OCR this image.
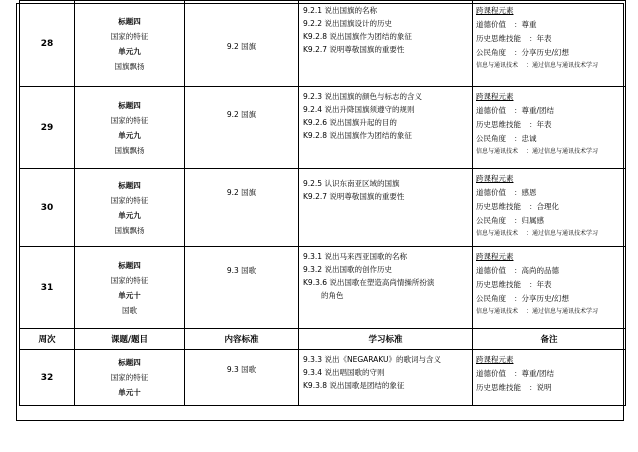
28	标题四
国家的特征
单元九
国旗飘扬	9.2 国旗	9.2.1 说出国旗的名称
9.2.2 说出国旗设计的历史
K9.2.8 说出国旗作为团结的象征
K9.2.7 说明尊敬国旗的重要性	跨课程元素
道德价值 ：尊重
历史思维技能 ：年表
公民角度 ：分享历史/幻想
信息与通讯技术 ：通过信息与通讯技术学习

29	标题四
国家的特征
单元九
国旗飘扬	9.2 国旗	9.2.3 说出国旗的颜色与标志的含义
9.2.4 说出升降国旗须遵守的规则
K9.2.6 说出国旗升起的目的
K9.2.8 说出国旗作为团结的象征	跨课程元素
道德价值 ：尊重/团结
历史思维技能 ：年表
公民角度 ：忠诚
信息与通讯技术 ：通过信息与通讯技术学习

30	标题四
国家的特征
单元九
国旗飘扬	9.2 国旗	9.2.5 认识东南亚区域的国旗
K9.2.7 说明尊敬国旗的重要性	跨课程元素
道德价值 ：感恩
历史思维技能 ：合理化
公民角度 ：归属感
信息与通讯技术 ：通过信息与通讯技术学习

31	标题四
国家的特征
单元十
国歌	9.3 国歌	9.3.1 说出马来西亚国歌的名称
9.3.2 说出国歌的创作历史
K9.3.6 说出国歌在塑造高尚情操所扮演
的角色	跨课程元素
道德价值 ：高尚的品德
历史思维技能 ：年表
公民角度 ：分享历史/幻想
信息与通讯技术 ：通过信息与通讯技术学习

周次	课题/题目	内容标准	学习标准	备注
32	标题四
国家的特征
单元十	9.3 国歌	9.3.3 说出《NEGARAKU》的歌词与含义
9.3.4 说出唱国歌的守则
K9.3.8 说出国歌是团结的象征	跨课程元素
道德价值 ：尊重/团结
历史思维技能 ：说明
